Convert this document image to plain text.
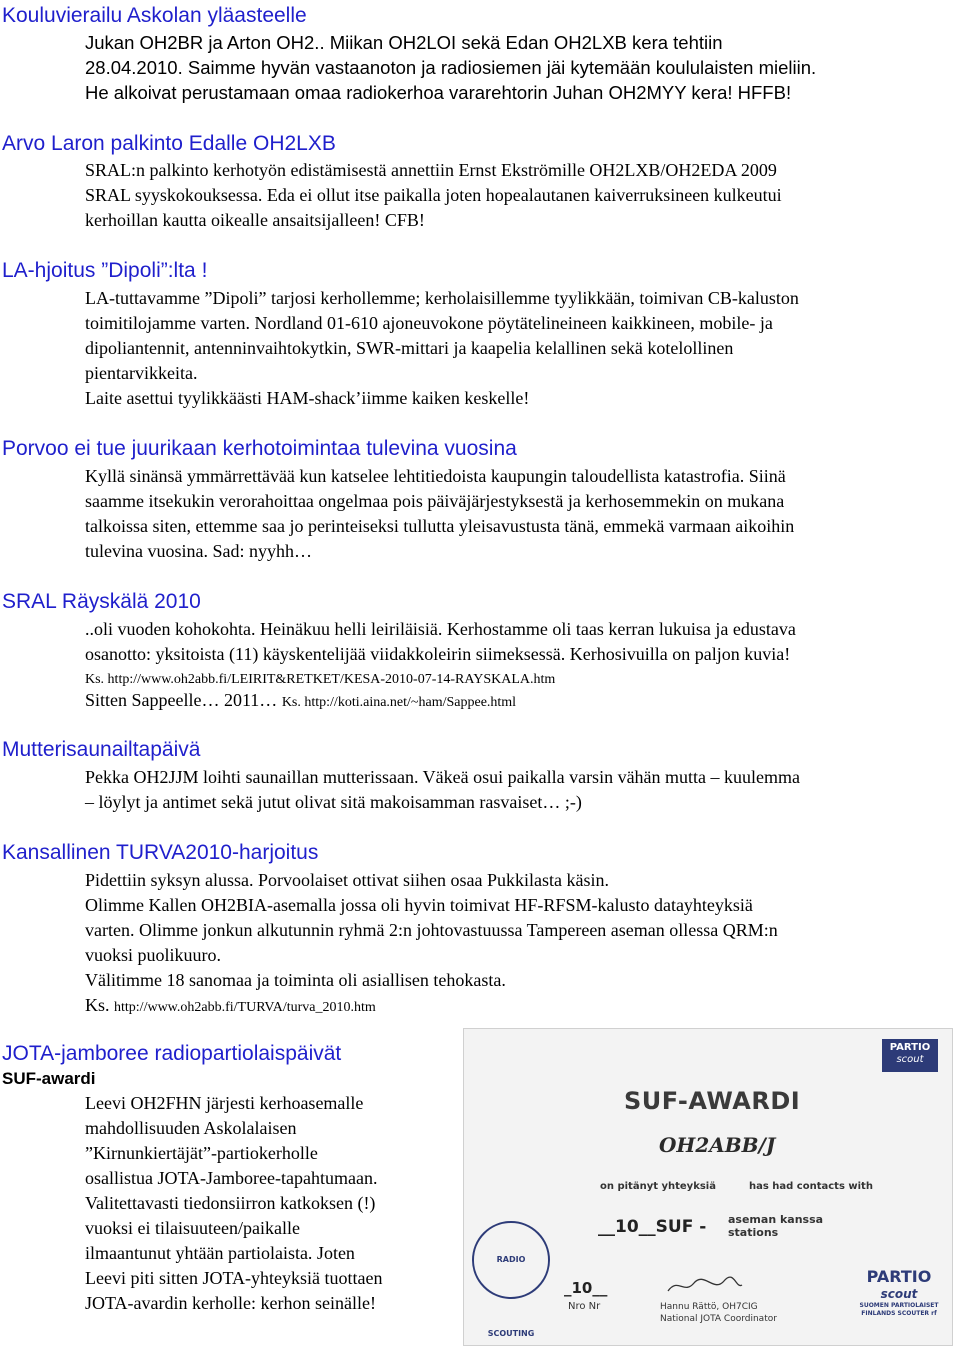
Kouluvierailu Askolan yläasteelle

Jukan OH2BR ja Arton OH2.. Miikan OH2LOI sekä Edan OH2LXB kera tehtiin

28.04.2010. Saimme hyvän vastaanoton ja radiosiemen jäi kytemään koululaisten mieliin.

He alkoivat perustamaan omaa radiokerhoa vararehtorin Juhan OH2MYY kera! HFFB!

Arvo Laron palkinto Edalle OH2LXB

SRAL:n palkinto kerhotyön edistämisestä annettiin Ernst Ekströmille OH2LXB/OH2EDA 2009

SRAL syyskokouksessa. Eda ei ollut itse paikalla joten hopealautanen kaiverruksineen kulkeutui

kerhoillan kautta oikealle ansaitsijalleen! CFB!

LA-hjoitus ”Dipoli”:lta !

LA-tuttavamme ”Dipoli” tarjosi kerhollemme; kerholaisillemme tyylikkään, toimivan CB-kaluston

toimitilojamme varten. Nordland 01-610 ajoneuvokone pöytätelineineen kaikkineen, mobile- ja

dipoliantennit, antenninvaihtokytkin, SWR-mittari ja kaapelia kelallinen sekä kotelollinen

pientarvikkeita.

Laite asettui tyylikkäästi HAM-shack’iimme kaiken keskelle!

Porvoo ei tue juurikaan kerhotoimintaa tulevina vuosina

Kyllä sinänsä ymmärrettävää kun katselee lehtitiedoista kaupungin taloudellista katastrofia. Siinä

saamme itsekukin verorahoittaa ongelmaa pois päiväjärjestyksestä ja kerhosemmekin on mukana

talkoissa siten, ettemme saa jo perinteiseksi tullutta yleisavustusta tänä, emmekä varmaan aikoihin

tulevina vuosina. Sad: nyyhh…

SRAL Räyskälä 2010

..oli vuoden kohokohta. Heinäkuu helli leiriläisiä. Kerhostamme oli taas kerran lukuisa ja edustava

osanotto: yksitoista (11) käyskentelijää viidakkoleirin siimeksessä. Kerhosivuilla on paljon kuvia!

Ks. http://www.oh2abb.fi/LEIRIT&RETKET/KESA-2010-07-14-RAYSKALA.htm

Sitten Sappeelle… 2011… Ks. http://koti.aina.net/~ham/Sappee.html

Mutterisaunailtapäivä

Pekka OH2JJM loihti saunaillan mutterissaan. Väkeä osui paikalla varsin vähän mutta – kuulemma

– löylyt ja antimet sekä jutut olivat sitä makoisamman rasvaiset… ;-)

Kansallinen TURVA2010-harjoitus

Pidettiin syksyn alussa. Porvoolaiset ottivat siihen osaa Pukkilasta käsin.

Olimme Kallen OH2BIA-asemalla jossa oli hyvin toimivat HF-RFSM-kalusto datayhteyksiä

varten. Olimme jonkun alkutunnin ryhmä 2:n johtovastuussa Tampereen aseman ollessa QRM:n

vuoksi puolikuuro.

Välitimme 18 sanomaa ja toiminta oli asiallisen tehokasta.

Ks. http://www.oh2abb.fi/TURVA/turva_2010.htm

JOTA-jamboree radiopartiolaispäivät
SUF-awardi

Leevi OH2FHN järjesti kerhoasemalle

mahdollisuuden Askolalaisen

”Kirnunkiertäjät”-partiokerholle

osallistua JOTA-Jamboree-tapahtumaan.

Valitettavasti tiedonsiirron katkoksen (!)

vuoksi ei tilaisuuteen/paikalle

ilmaantunut yhtään partiolaista. Joten

Leevi piti sitten JOTA-yhteyksiä tuottaen

JOTA-avardin kerholle: kerhon seinälle!

PARTIO
scout
SUF-AWARDI
OH2ABB/J
on pitänyt yhteyksiä	has had contacts with
__10__SUF - aseman kanssa
stations
RADIO SCOUTING
_10__
Nro Nr	Hannu Rättö, OH7CIG
National JOTA Coordinator
PARTIO
scout
SUOMEN PARTIOLAISET
FINLANDS SCOUTER rf
